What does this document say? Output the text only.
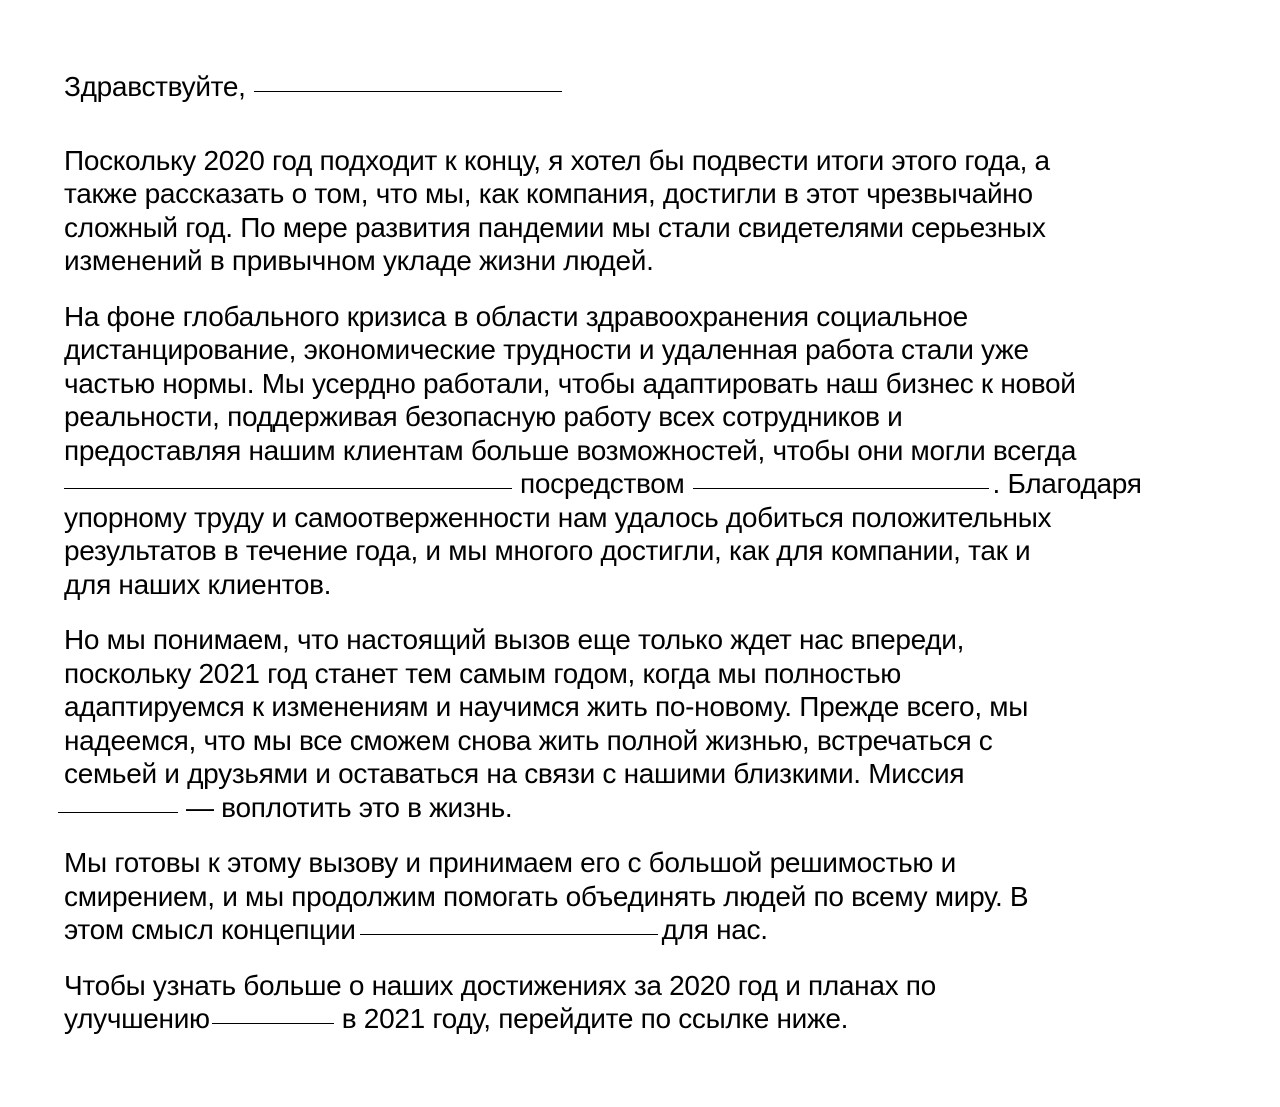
Здравствуйте,
Поскольку 2020 год подходит к концу, я хотел бы подвести итоги этого года, а
также рассказать о том, что мы, как компания, достигли в этот чрезвычайно
сложный год. По мере развития пандемии мы стали свидетелями серьезных
изменений в привычном укладе жизни людей.
На фоне глобального кризиса в области здравоохранения социальное
дистанцирование, экономические трудности и удаленная работа стали уже
частью нормы. Мы усердно работали, чтобы адаптировать наш бизнес к новой
реальности, поддерживая безопасную работу всех сотрудников и
предоставляя нашим клиентам больше возможностей, чтобы они могли всегда
посредством	. Благодаря
упорному труду и самоотверженности нам удалось добиться положительных
результатов в течение года, и мы многого достигли, как для компании, так и
для наших клиентов.
Но мы понимаем, что настоящий вызов еще только ждет нас впереди,
поскольку 2021 год станет тем самым годом, когда мы полностью
адаптируемся к изменениям и научимся жить по-новому. Прежде всего, мы
надеемся, что мы все сможем снова жить полной жизнью, встречаться с
семьей и друзьями и оставаться на связи с нашими близкими. Миссия
— воплотить это в жизнь.
Мы готовы к этому вызову и принимаем его с большой решимостью и
смирением, и мы продолжим помогать объединять людей по всему миру. В
этом смысл концепции	для нас.
Чтобы узнать больше о наших достижениях за 2020 год и планах по
улучшению	в 2021 году, перейдите по ссылке ниже.
